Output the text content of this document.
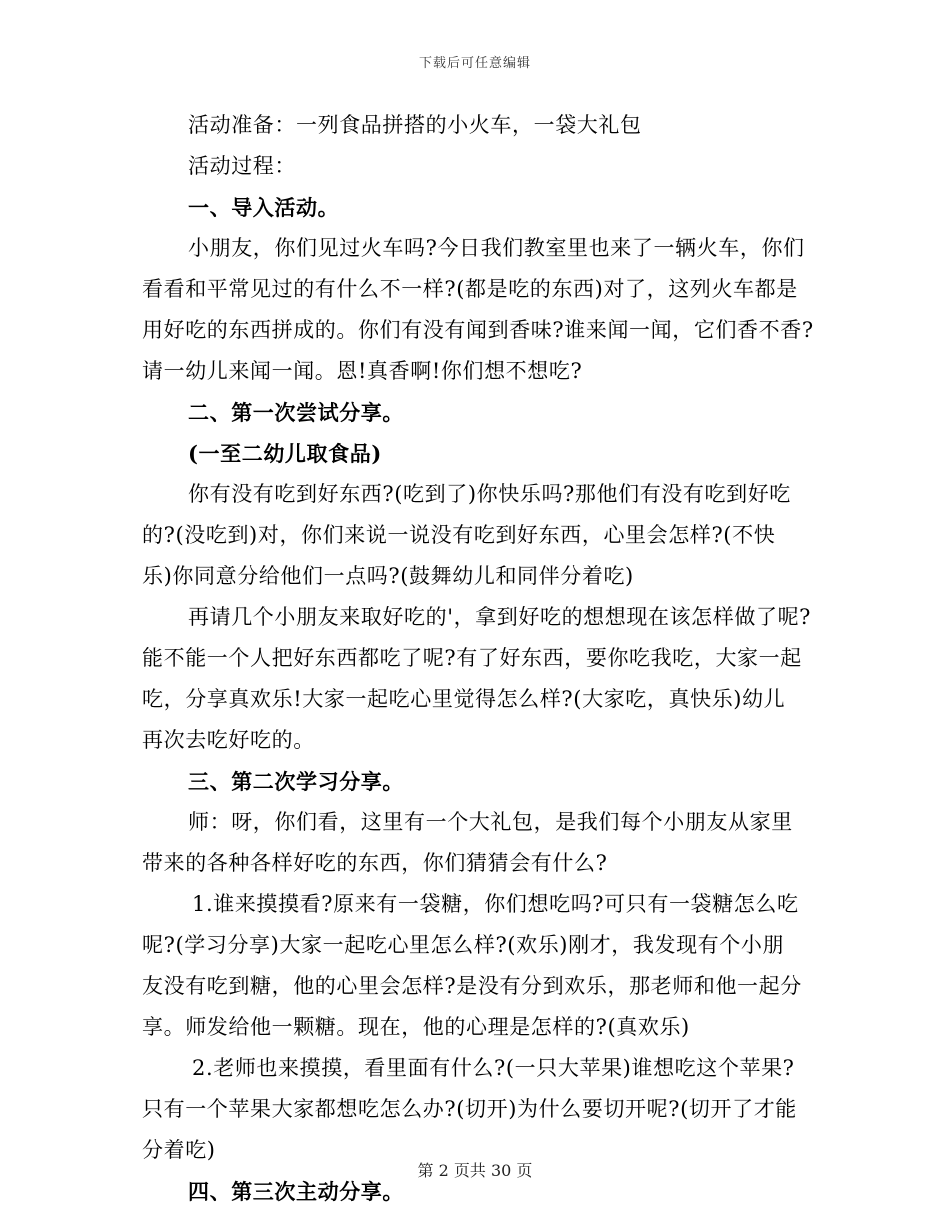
下载后可任意编辑
活动准备：一列食品拼搭的小火车，一袋大礼包
活动过程：
一、导入活动。
小朋友，你们见过火车吗?今日我们教室里也来了一辆火车，你们
看看和平常见过的有什么不一样?(都是吃的东西)对了，这列火车都是
用好吃的东西拼成的。你们有没有闻到香味?谁来闻一闻，它们香不香?
请一幼儿来闻一闻。恩!真香啊!你们想不想吃?
二、第一次尝试分享。
(一至二幼儿取食品)
你有没有吃到好东西?(吃到了)你快乐吗?那他们有没有吃到好吃
的?(没吃到)对，你们来说一说没有吃到好东西，心里会怎样?(不快
乐)你同意分给他们一点吗?(鼓舞幼儿和同伴分着吃)
再请几个小朋友来取好吃的'，拿到好吃的想想现在该怎样做了呢?
能不能一个人把好东西都吃了呢?有了好东西，要你吃我吃，大家一起
吃，分享真欢乐!大家一起吃心里觉得怎么样?(大家吃，真快乐)幼儿
再次去吃好吃的。
三、第二次学习分享。
师：呀，你们看，这里有一个大礼包，是我们每个小朋友从家里
带来的各种各样好吃的东西，你们猜猜会有什么?
1.谁来摸摸看?原来有一袋糖，你们想吃吗?可只有一袋糖怎么吃
呢?(学习分享)大家一起吃心里怎么样?(欢乐)刚才，我发现有个小朋
友没有吃到糖，他的心里会怎样?是没有分到欢乐，那老师和他一起分
享。师发给他一颗糖。现在，他的心理是怎样的?(真欢乐)
2.老师也来摸摸，看里面有什么?(一只大苹果)谁想吃这个苹果?
只有一个苹果大家都想吃怎么办?(切开)为什么要切开呢?(切开了才能
分着吃)
四、第三次主动分享。
第 2 页共 30 页
